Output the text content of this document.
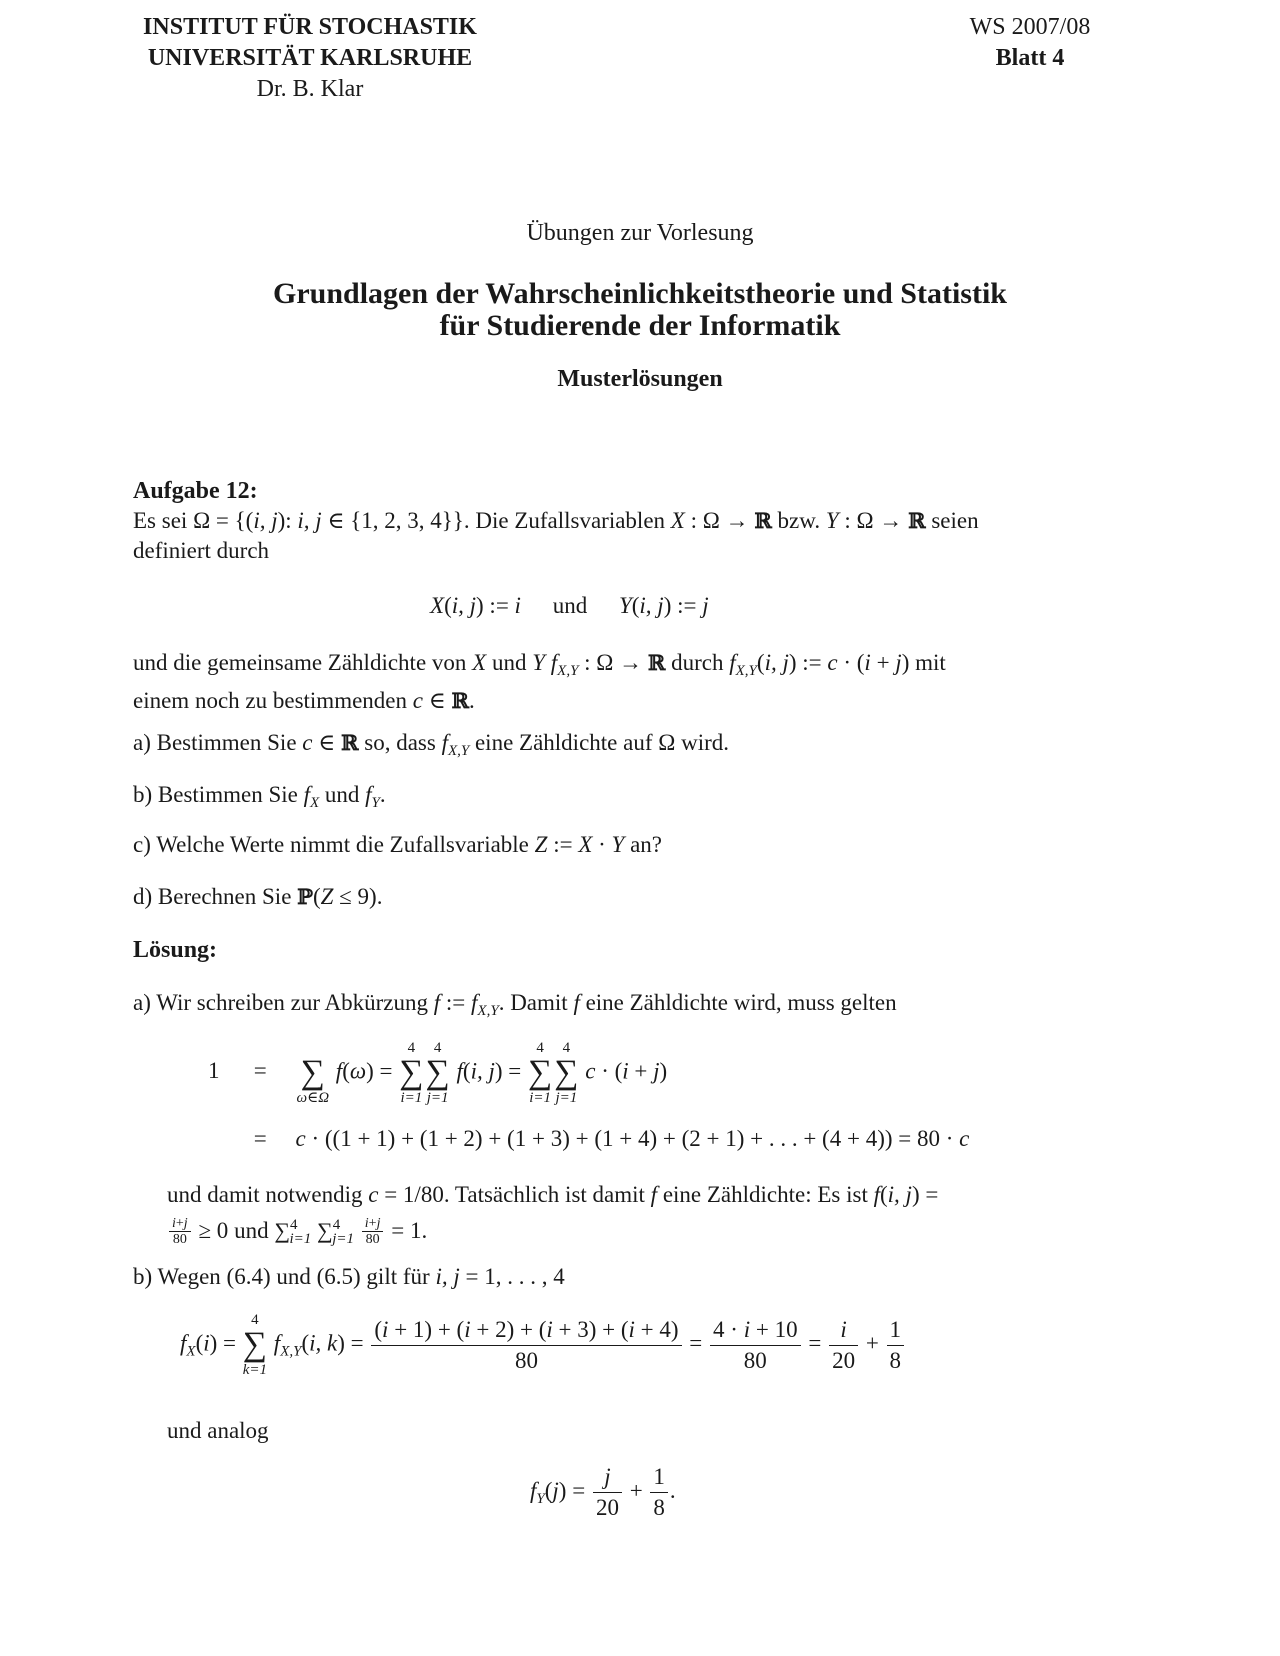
INSTITUT FÜR STOCHASTIK
UNIVERSITÄT KARLSRUHE
Dr. B. Klar
WS 2007/08
Blatt 4
Übungen zur Vorlesung
Grundlagen der Wahrscheinlichkeitstheorie und Statistik
für Studierende der Informatik
Musterlösungen
Aufgabe 12:
Es sei Ω = {(i, j): i, j ∈ {1, 2, 3, 4}}. Die Zufallsvariablen X : Ω → ℝ bzw. Y : Ω → ℝ seien
definiert durch
X(i, j) := i und Y(i, j) := j
und die gemeinsame Zähldichte von X und Y $f_{X,Y}$ : Ω → ℝ durch $f_{X,Y}(i$, j) := c · (i + j) mit
einem noch zu bestimmenden c ∈ ℝ.
a) Bestimmen Sie c ∈ ℝ so, dass $f_{X,Y}$ eine Zähldichte auf Ω wird.
b) Bestimmen Sie $f_X$ und $f_Y$.
c) Welche Werte nimmt die Zufallsvariable Z := X · Y an?
d) Berechnen Sie ℙ(Z ≤ 9).
Lösung:
a) Wir schreiben zur Abkürzung f := $f_{X,Y}$. Damit f eine Zähldichte wird, muss gelten
1 =
∑
ω∈Ω
f(ω) =
4
∑
i=1
4
∑
j=1
f(i, j) =
4
∑
i=1
4
∑
j=1
c · (i + j)
= c · ((1 + 1) + (1 + 2) + (1 + 3) + (1 + 4) + (2 + 1) + . . . + (4 + 4)) = 80 · c
und damit notwendig c = 1/80. Tatsächlich ist damit f eine Zähldichte: Es ist f(i, j) =
$\frac{i+j}{80} \ge 0$ und ∑$^4_{i=1}$ $\sum^4_{j=1} \frac{i+j}{80} = 1$.
b) Wegen (6.4) und (6.5) gilt für i, j = 1, . . . , 4
$f_X(i)$ =
4
∑
k=1
$f_{X,Y}(i$, $k) = \frac{(i + 1) + (i + 2) + (i + 3) + (i + 4)}{80} = \frac{4 \cdot i + 10}{80} = \frac{i}{20} + \frac{1}{8}$
und analog
$f_Y(j) = \frac{j}{20} + \frac{1}{8}$ .
